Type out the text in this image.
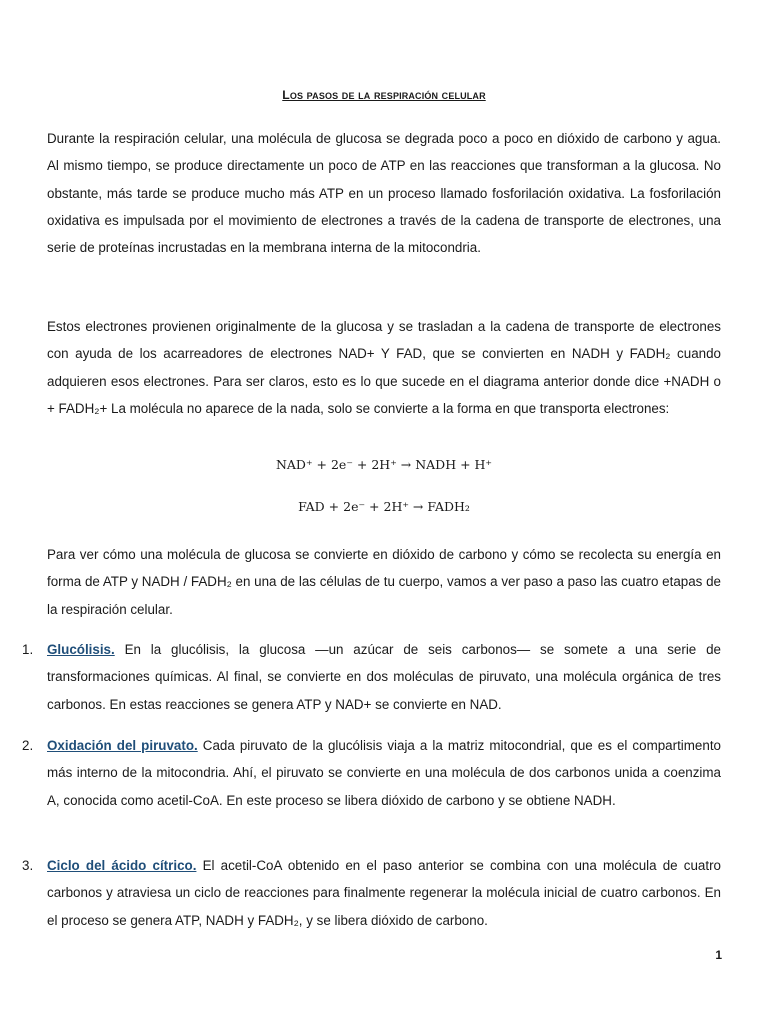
Los pasos de la respiración celular

Durante la respiración celular, una molécula de glucosa se degrada poco a poco en dióxido de carbono y agua. Al mismo tiempo, se produce directamente un poco de ATP en las reacciones que transforman a la glucosa. No obstante, más tarde se produce mucho más ATP en un proceso llamado fosforilación oxidativa. La fosforilación oxidativa es impulsada por el movimiento de electrones a través de la cadena de transporte de electrones, una serie de proteínas incrustadas en la membrana interna de la mitocondria.

Estos electrones provienen originalmente de la glucosa y se trasladan a la cadena de transporte de electrones con ayuda de los acarreadores de electrones NAD+ Y FAD, que se convierten en NADH y FADH₂ cuando adquieren esos electrones. Para ser claros, esto es lo que sucede en el diagrama anterior donde dice +NADH o + FADH₂+ La molécula no aparece de la nada, solo se convierte a la forma en que transporta electrones:

NAD⁺ + 2e⁻ + 2H⁺ → NADH + H⁺
FAD + 2e⁻ + 2H⁺ → FADH₂

Para ver cómo una molécula de glucosa se convierte en dióxido de carbono y cómo se recolecta su energía en forma de ATP y NADH / FADH₂ en una de las células de tu cuerpo, vamos a ver paso a paso las cuatro etapas de la respiración celular.

1. Glucólisis. En la glucólisis, la glucosa —un azúcar de seis carbonos— se somete a una serie de transformaciones químicas. Al final, se convierte en dos moléculas de piruvato, una molécula orgánica de tres carbonos. En estas reacciones se genera ATP y NAD+ se convierte en NAD.

2. Oxidación del piruvato. Cada piruvato de la glucólisis viaja a la matriz mitocondrial, que es el compartimento más interno de la mitocondria. Ahí, el piruvato se convierte en una molécula de dos carbonos unida a coenzima A, conocida como acetil-CoA. En este proceso se libera dióxido de carbono y se obtiene NADH.

3. Ciclo del ácido cítrico. El acetil-CoA obtenido en el paso anterior se combina con una molécula de cuatro carbonos y atraviesa un ciclo de reacciones para finalmente regenerar la molécula inicial de cuatro carbonos. En el proceso se genera ATP, NADH y FADH₂, y se libera dióxido de carbono.

1
